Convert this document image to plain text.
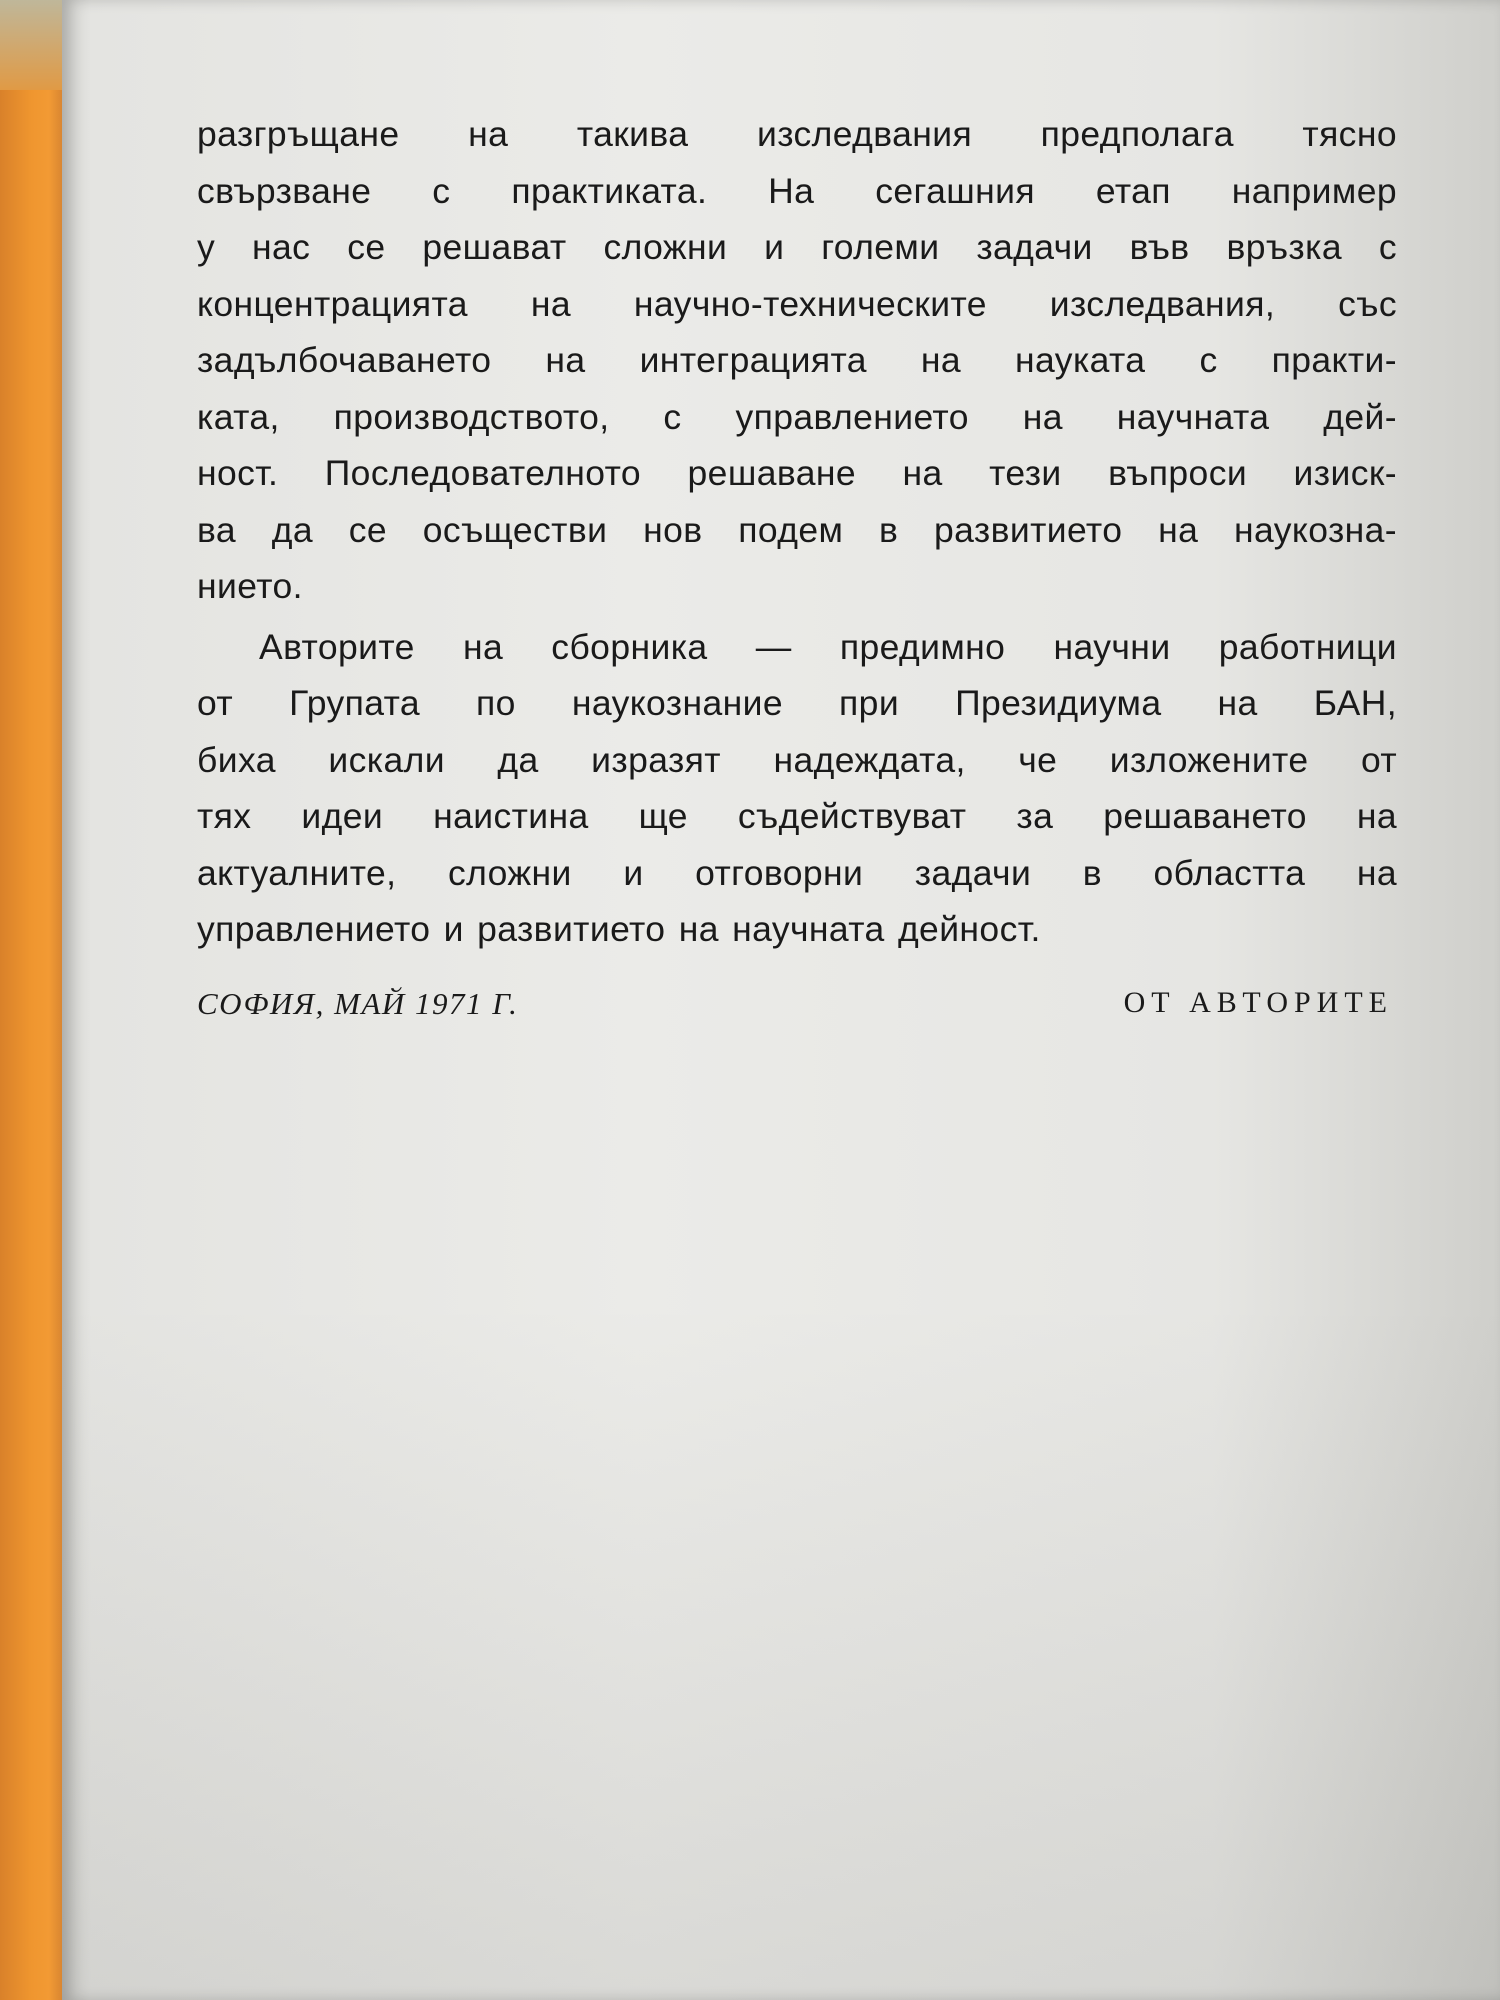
разгръщане на такива изследвания предполага тясно
свързване с практиката. На сегашния етап например
у нас се решават сложни и големи задачи във връзка с
концентрацията на научно-техническите изследвания, със
задълбочаването на интеграцията на науката с практи-
ката, производството, с управлението на научната дей-
ност. Последователното решаване на тези въпроси изиск-
ва да се осъществи нов подем в развитието на наукозна-
нието.
Авторите на сборника — предимно научни работници
от Групата по наукознание при Президиума на БАН,
биха искали да изразят надеждата, че изложените от
тях идеи наистина ще съдействуват за решаването на
актуалните, сложни и отговорни задачи в областта на
управлението и развитието на научната дейност.
СОФИЯ, МАЙ 1971 Г.	ОТ АВТОРИТЕ
